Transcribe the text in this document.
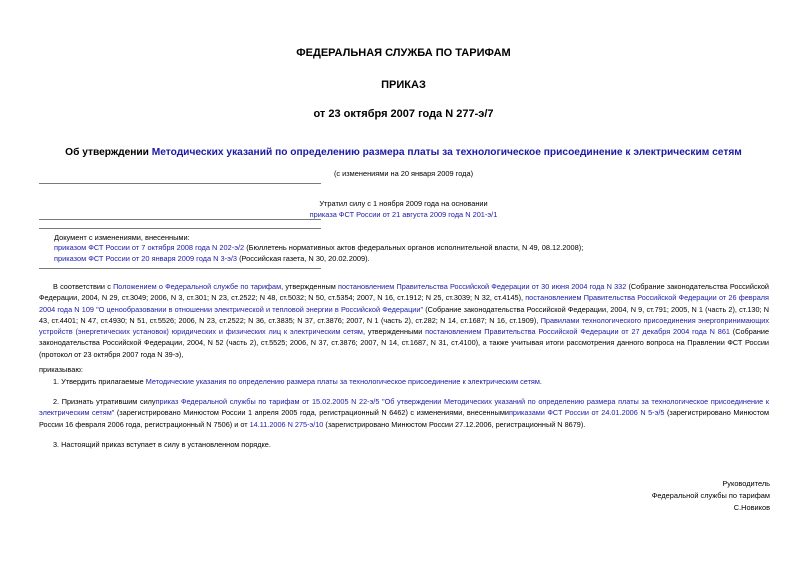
ФЕДЕРАЛЬНАЯ СЛУЖБА ПО ТАРИФАМ
ПРИКАЗ
от 23 октября 2007 года N 277-э/7
Об утверждении Методических указаний по определению размера платы за технологическое присоединение к электрическим сетям
(с изменениями на 20 января 2009 года)
Утратил силу с 1 ноября 2009 года на основании
приказа ФСТ России от 21 августа 2009 года N 201-э/1
Документ с изменениями, внесенными:
приказом ФСТ России от 7 октября 2008 года N 202-э/2 (Бюллетень нормативных актов федеральных органов исполнительной власти, N 49, 08.12.2008);
приказом ФСТ России от 20 января 2009 года N 3-э/3 (Российская газета, N 30, 20.02.2009).
В соответствии с Положением о Федеральной службе по тарифам, утвержденным постановлением Правительства Российской Федерации от 30 июня 2004 года N 332 (Собрание законодательства Российской Федерации, 2004, N 29, ст.3049; 2006, N 3, ст.301; N 23, ст.2522; N 48, ст.5032; N 50, ст.5354; 2007, N 16, ст.1912; N 25, ст.3039; N 32, ст.4145), постановлением Правительства Российской Федерации от 26 февраля 2004 года N 109 "О ценообразовании в отношении электрической и тепловой энергии в Российской Федерации" (Собрание законодательства Российской Федерации, 2004, N 9, ст.791; 2005, N 1 (часть 2), ст.130; N 43, ст.4401; N 47, ст.4930; N 51, ст.5526; 2006, N 23, ст.2522; N 36, ст.3835; N 37, ст.3876; 2007, N 1 (часть 2), ст.282; N 14, ст.1687; N 16, ст.1909), Правилами технологического присоединения энергопринимающих устройств (энергетических установок) юридических и физических лиц к электрическим сетям, утвержденными постановлением Правительства Российской Федерации от 27 декабря 2004 года N 861 (Собрание законодательства Российской Федерации, 2004, N 52 (часть 2), ст.5525; 2006, N 37, ст.3876; 2007, N 14, ст.1687, N 31, ст.4100), а также учитывая итоги рассмотрения данного вопроса на Правлении ФСТ России (протокол от 23 октября 2007 года N 39-э),
приказываю:
1. Утвердить прилагаемые Методические указания по определению размера платы за технологическое присоединение к электрическим сетям.
2. Признать утратившим силуприказ Федеральной службы по тарифам от 15.02.2005 N 22-э/5 "Об утверждении Методических указаний по определению размера платы за технологическое присоединение к электрическим сетям" (зарегистрировано Минюстом России 1 апреля 2005 года, регистрационный N 6462) с изменениями, внесеннымиприказами ФСТ России от 24.01.2006 N 5-э/5 (зарегистрировано Минюстом России 16 февраля 2006 года, регистрационный N 7506) и от 14.11.2006 N 275-э/10 (зарегистрировано Минюстом России 27.12.2006, регистрационный N 8679).
3. Настоящий приказ вступает в силу в установленном порядке.
Руководитель
Федеральной службы по тарифам
С.Новиков
